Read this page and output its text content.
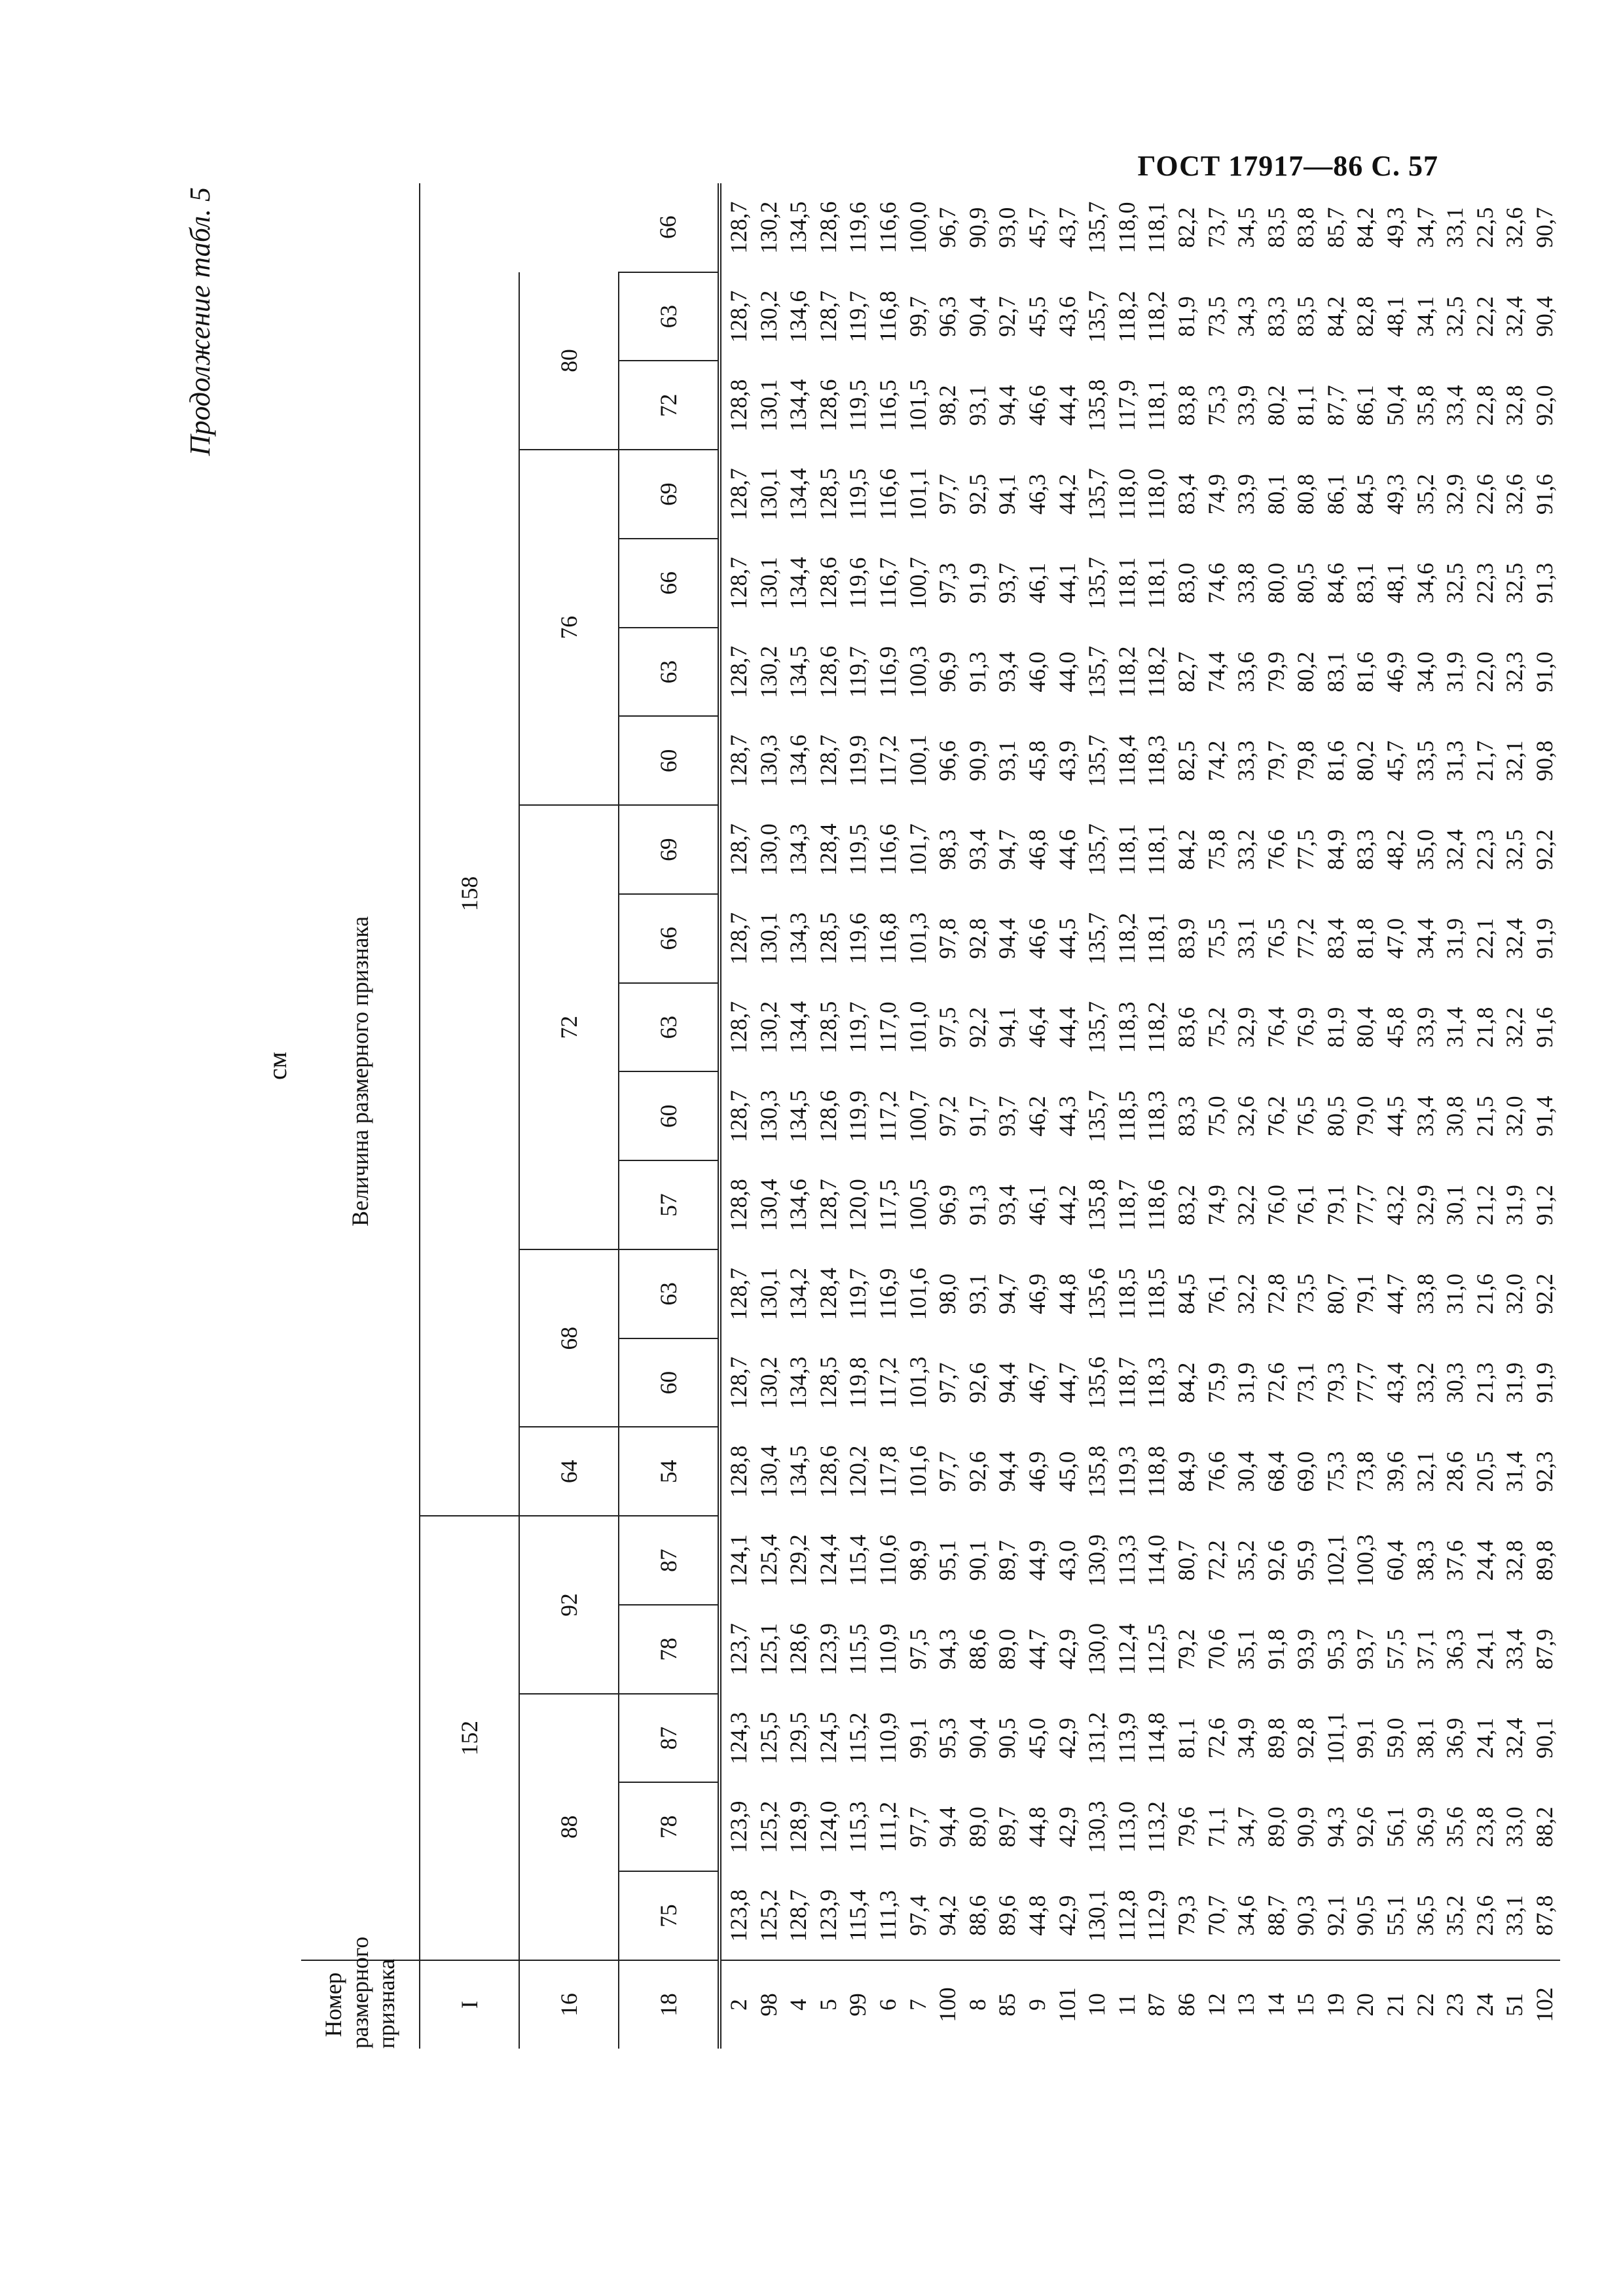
ГОСТ 17917—86 С. 57
Продолжение табл. 5
см
Номер размерного признака	Величина размерного признака																			
I	152					158														
16	88			92		64	68		72					76				80		
18	75	78	87	78	87	54	60	63	57	60	63	66	69	60	63	66	69	72	63	66
2	123,8	123,9	124,3	123,7	124,1	128,8	128,7	128,7	128,8	128,7	128,7	128,7	128,7	128,7	128,7	128,7	128,7	128,8	128,7	128,7
98	125,2	125,2	125,5	125,1	125,4	130,4	130,2	130,1	130,4	130,3	130,2	130,1	130,0	130,3	130,2	130,1	130,1	130,1	130,2	130,2
4	128,7	128,9	129,5	128,6	129,2	134,5	134,3	134,2	134,6	134,5	134,4	134,3	134,3	134,6	134,5	134,4	134,4	134,4	134,6	134,5
5	123,9	124,0	124,5	123,9	124,4	128,6	128,5	128,4	128,7	128,6	128,5	128,5	128,4	128,7	128,6	128,6	128,5	128,6	128,7	128,6
99	115,4	115,3	115,2	115,5	115,4	120,2	119,8	119,7	120,0	119,9	119,7	119,6	119,5	119,9	119,7	119,6	119,5	119,5	119,7	119,6
6	111,3	111,2	110,9	110,9	110,6	117,8	117,2	116,9	117,5	117,2	117,0	116,8	116,6	117,2	116,9	116,7	116,6	116,5	116,8	116,6
7	97,4	97,7	99,1	97,5	98,9	101,6	101,3	101,6	100,5	100,7	101,0	101,3	101,7	100,1	100,3	100,7	101,1	101,5	99,7	100,0
100	94,2	94,4	95,3	94,3	95,1	97,7	97,7	98,0	96,9	97,2	97,5	97,8	98,3	96,6	96,9	97,3	97,7	98,2	96,3	96,7
8	88,6	89,0	90,4	88,6	90,1	92,6	92,6	93,1	91,3	91,7	92,2	92,8	93,4	90,9	91,3	91,9	92,5	93,1	90,4	90,9
85	89,6	89,7	90,5	89,0	89,7	94,4	94,4	94,7	93,4	93,7	94,1	94,4	94,7	93,1	93,4	93,7	94,1	94,4	92,7	93,0
9	44,8	44,8	45,0	44,7	44,9	46,9	46,7	46,9	46,1	46,2	46,4	46,6	46,8	45,8	46,0	46,1	46,3	46,6	45,5	45,7
101	42,9	42,9	42,9	42,9	43,0	45,0	44,7	44,8	44,2	44,3	44,4	44,5	44,6	43,9	44,0	44,1	44,2	44,4	43,6	43,7
10	130,1	130,3	131,2	130,0	130,9	135,8	135,6	135,6	135,8	135,7	135,7	135,7	135,7	135,7	135,7	135,7	135,7	135,8	135,7	135,7
11	112,8	113,0	113,9	112,4	113,3	119,3	118,7	118,5	118,7	118,5	118,3	118,2	118,1	118,4	118,2	118,1	118,0	117,9	118,2	118,0
87	112,9	113,2	114,8	112,5	114,0	118,8	118,3	118,5	118,6	118,3	118,2	118,1	118,1	118,3	118,2	118,1	118,0	118,1	118,2	118,1
86	79,3	79,6	81,1	79,2	80,7	84,9	84,2	84,5	83,2	83,3	83,6	83,9	84,2	82,5	82,7	83,0	83,4	83,8	81,9	82,2
12	70,7	71,1	72,6	70,6	72,2	76,6	75,9	76,1	74,9	75,0	75,2	75,5	75,8	74,2	74,4	74,6	74,9	75,3	73,5	73,7
13	34,6	34,7	34,9	35,1	35,2	30,4	31,9	32,2	32,2	32,6	32,9	33,1	33,2	33,3	33,6	33,8	33,9	33,9	34,3	34,5
14	88,7	89,0	89,8	91,8	92,6	68,4	72,6	72,8	76,0	76,2	76,4	76,5	76,6	79,7	79,9	80,0	80,1	80,2	83,3	83,5
15	90,3	90,9	92,8	93,9	95,9	69,0	73,1	73,5	76,1	76,5	76,9	77,2	77,5	79,8	80,2	80,5	80,8	81,1	83,5	83,8
19	92,1	94,3	101,1	95,3	102,1	75,3	79,3	80,7	79,1	80,5	81,9	83,4	84,9	81,6	83,1	84,6	86,1	87,7	84,2	85,7
20	90,5	92,6	99,1	93,7	100,3	73,8	77,7	79,1	77,7	79,0	80,4	81,8	83,3	80,2	81,6	83,1	84,5	86,1	82,8	84,2
21	55,1	56,1	59,0	57,5	60,4	39,6	43,4	44,7	43,2	44,5	45,8	47,0	48,2	45,7	46,9	48,1	49,3	50,4	48,1	49,3
22	36,5	36,9	38,1	37,1	38,3	32,1	33,2	33,8	32,9	33,4	33,9	34,4	35,0	33,5	34,0	34,6	35,2	35,8	34,1	34,7
23	35,2	35,6	36,9	36,3	37,6	28,6	30,3	31,0	30,1	30,8	31,4	31,9	32,4	31,3	31,9	32,5	32,9	33,4	32,5	33,1
24	23,6	23,8	24,1	24,1	24,4	20,5	21,3	21,6	21,2	21,5	21,8	22,1	22,3	21,7	22,0	22,3	22,6	22,8	22,2	22,5
51	33,1	33,0	32,4	33,4	32,8	31,4	31,9	32,0	31,9	32,0	32,2	32,4	32,5	32,1	32,3	32,5	32,6	32,8	32,4	32,6
102	87,8	88,2	90,1	87,9	89,8	92,3	91,9	92,2	91,2	91,4	91,6	91,9	92,2	90,8	91,0	91,3	91,6	92,0	90,4	90,7
